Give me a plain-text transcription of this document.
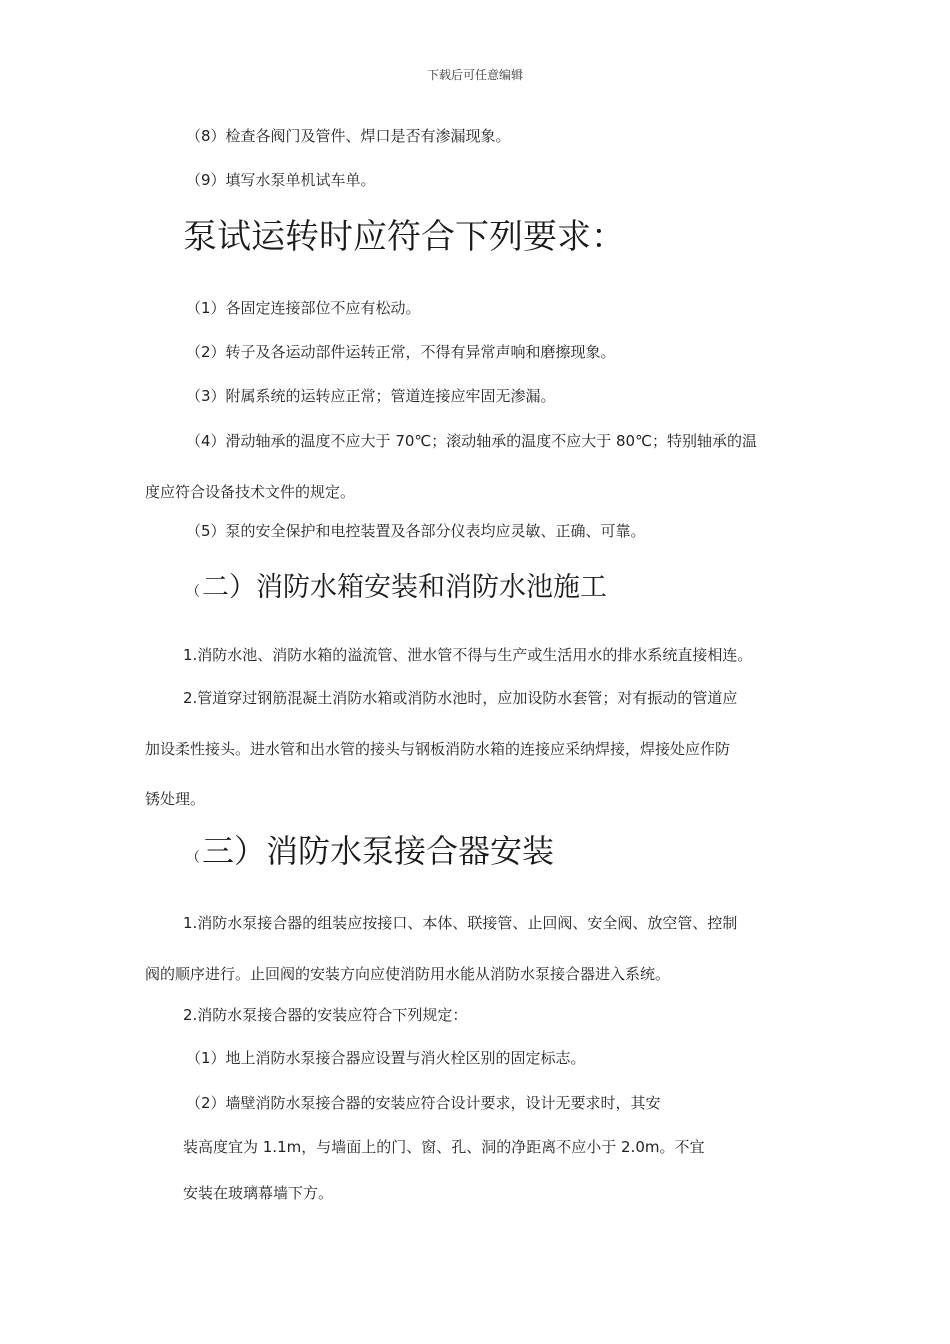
下载后可任意编辑
（8）检查各阀门及管件、焊口是否有渗漏现象。
（9）填写水泵单机试车单。
泵试运转时应符合下列要求：
（1）各固定连接部位不应有松动。
（2）转子及各运动部件运转正常，不得有异常声响和磨擦现象。
（3）附属系统的运转应正常；管道连接应牢固无渗漏。
（4）滑动轴承的温度不应大于 70℃；滚动轴承的温度不应大于 80℃；特别轴承的温
度应符合设备技术文件的规定。
（5）泵的安全保护和电控装置及各部分仪表均应灵敏、正确、可靠。
（二）消防水箱安装和消防水池施工
1.消防水池、消防水箱的溢流管、泄水管不得与生产或生活用水的排水系统直接相连。
2.管道穿过钢筋混凝土消防水箱或消防水池时，应加设防水套管；对有振动的管道应
加设柔性接头。进水管和出水管的接头与钢板消防水箱的连接应采纳焊接，焊接处应作防
锈处理。
（三）消防水泵接合器安装
1.消防水泵接合器的组装应按接口、本体、联接管、止回阀、安全阀、放空管、控制
阀的顺序进行。止回阀的安装方向应使消防用水能从消防水泵接合器进入系统。
2.消防水泵接合器的安装应符合下列规定：
（1）地上消防水泵接合器应设置与消火栓区别的固定标志。
（2）墙壁消防水泵接合器的安装应符合设计要求，设计无要求时，其安
装高度宜为 1.1m，与墙面上的门、窗、孔、洞的净距离不应小于 2.0m。不宜
安装在玻璃幕墙下方。
